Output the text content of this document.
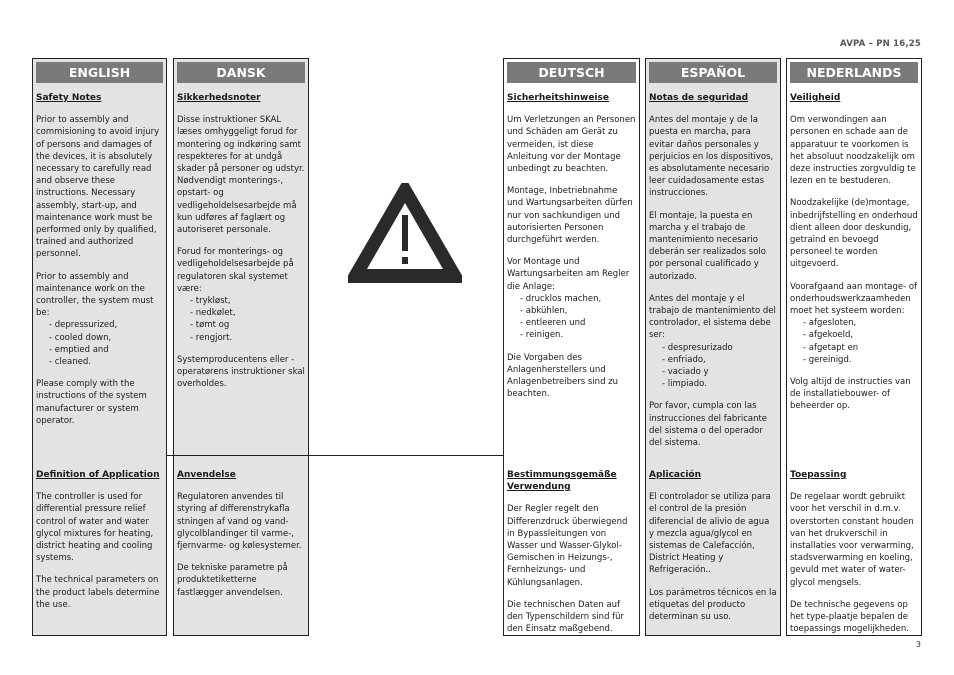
AVPA – PN 16,25
ENGLISH
Safety Notes

Prior to assembly and commisioning to avoid injury of persons and damages of the devices, it is absolutely necessary to carefully read and observe these instructions. Necessary assembly, start-up, and maintenance work must be performed only by qualified, trained and authorized personnel.

Prior to assembly and maintenance work on the controller, the system must be:

- depressurized,
- cooled down,
- emptied and
- cleaned.

Please comply with the instructions of the system manufacturer or system operator.

Definition of Application

The controller is used for differential pressure relief control of water and water glycol mixtures for heating, district heating and cooling systems.

The technical parameters on the product labels determine the use.

DANSK
Sikkerhedsnoter

Disse instruktioner SKAL læses omhyggeligt forud for montering og indkøring samt respekteres for at undgå skader på personer og udstyr. Nødvendigt monterings-, opstart- og vedligeholdelsesarbejde må kun udføres af faglært og autoriseret personale.

Forud for monterings- og vedligeholdelsesarbejde på regulatoren skal systemet være:

- trykløst,
- nedkølet,
- tømt og
- rengjort.

Systemproducentens eller -operatørens instruktioner skal overholdes.

Anvendelse

Regulatoren anvendes til styring af differenstrykafla stningen af vand og vand-glycolblandinger til varme-, fjernvarme- og kølesystemer.

De tekniske parametre på produktetiketterne fastlægger anvendelsen.

DEUTSCH
Sicherheitshinweise

Um Verletzungen an Personen und Schäden am Gerät zu vermeiden, ist diese Anleitung vor der Montage unbedingt zu beachten.

Montage, Inbetriebnahme und Wartungsarbeiten dürfen nur von sachkundigen und autorisierten Personen durchgeführt werden.

Vor Montage und Wartungsarbeiten am Regler die Anlage:

- drucklos machen,
- abkühlen,
- entleeren und
- reinigen.

Die Vorgaben des Anlagenherstellers und Anlagenbetreibers sind zu beachten.

Bestimmungsgemäße Verwendung

Der Regler regelt den Differenzdruck überwiegend in Bypassleitungen von Wasser und Wasser-Glykol-Gemischen in Heizungs-, Fernheizungs- und Kühlungsanlagen.

Die technischen Daten auf den Typenschildern sind für den Einsatz maßgebend.

ESPAÑOL
Notas de seguridad

Antes del montaje y de la puesta en marcha, para evitar daños personales y perjuicios en los dispositivos, es absolutamente necesario leer cuidadosamente estas instrucciones.

El montaje, la puesta en marcha y el trabajo de mantenimiento necesario deberán ser realizados solo por personal cualificado y autorizado.

Antes del montaje y el trabajo de mantenimiento del controlador, el sistema debe ser:

- despresurizado
- enfriado,
- vaciado y
- limpiado.

Por favor, cumpla con las instrucciones del fabricante del sistema o del operador del sistema.

Aplicación

El controlador se utiliza para el control de la presión diferencial de alivio de agua y mezcla agua/glycol en sistemas de Calefacción, District Heating y Refrigeración..

Los parámetros técnicos en la etiquetas del producto determinan su uso.

NEDERLANDS
Veiligheid

Om verwondingen aan personen en schade aan de apparatuur te voorkomen is het absoluut noodzakelijk om deze instructies zorgvuldig te lezen en te bestuderen.

Noodzakelijke (de)montage, inbedrijfstelling en onderhoud dient alleen door deskundig, getraind en bevoegd personeel te worden uitgevoerd.

Voorafgaand aan montage- of onderhoudswerkzaamheden moet het systeem worden:

- afgesloten,
- afgekoeld,
- afgetapt en
- gereinigd.

Volg altijd de instructies van de installatiebouwer- of beheerder op.

Toepassing

De regelaar wordt gebruikt voor het verschil in d.m.v. overstorten constant houden van het drukverschil in installaties voor verwarming, stadsverwarming en koeling, gevuld met water of water-glycol mengsels.

De technische gegevens op het type-plaatje bepalen de toepassings mogelijkheden.

3
